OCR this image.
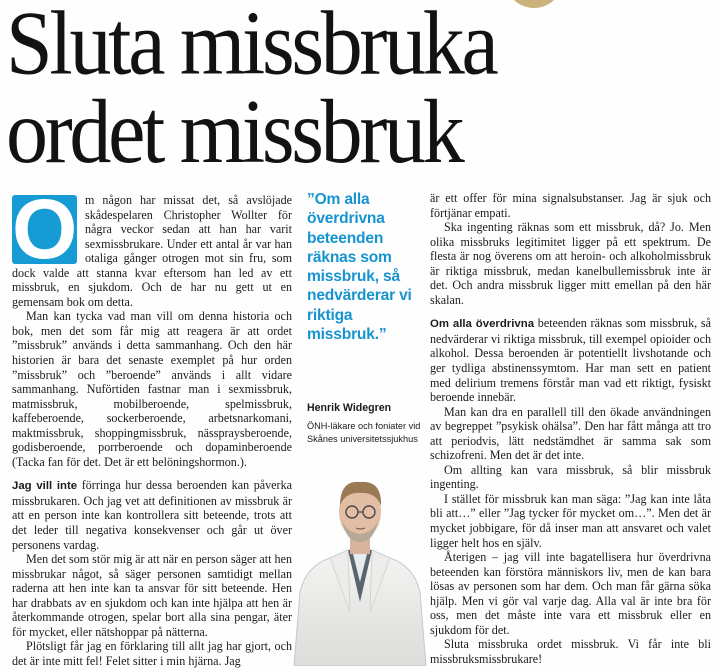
Sluta missbruka
ordet missbruk

O m någon har missat det, så avslöjade skådespelaren Christopher Wollter för några veckor sedan att han har varit sexmissbrukare. Under ett antal år var han otaliga gånger otrogen mot sin fru, som dock valde att stanna kvar eftersom han led av ett missbruk, en sjukdom. Och de har nu gett ut en gemensam bok om detta.

Man kan tycka vad man vill om denna historia och bok, men det som får mig att reagera är att ordet ”missbruk” används i detta sammanhang. Och den här historien är bara det senaste exemplet på hur orden ”missbruk” och ”beroende” används i allt vidare sammanhang. Nuförtiden fastnar man i sexmissbruk, matmissbruk, mobilberoende, spelmissbruk, kaffeberoende, sockerberoende, arbetsnarkomani, maktmissbruk, shoppingmissbruk, nässpraysberoende, godisberoende, porrberoende och dopaminberoende (Tacka fan för det. Det är ett belöningshormon.).

Jag vill inte förringa hur dessa beroenden kan påverka missbrukaren. Och jag vet att definitionen av missbruk är att en person inte kan kontrollera sitt beteende, trots att det leder till negativa konsekvenser och går ut över personens vardag.

Men det som stör mig är att när en person säger att hen missbrukar något, så säger personen samtidigt mellan raderna att hen inte kan ta ansvar för sitt beteende. Hen har drabbats av en sjukdom och kan inte hjälpa att hen är återkommande otrogen, spelar bort alla sina pengar, äter för mycket, eller nätshoppar på nätterna.

Plötsligt får jag en förklaring till allt jag har gjort, och det är inte mitt fel! Felet sitter i min hjärna. Jag

”Om alla överdrivna beteenden räknas som missbruk, så nedvärderar vi riktiga missbruk.”

Henrik Widegren
ÖNH-läkare och foniater vid Skånes universitetssjukhus

är ett offer för mina signalsubstanser. Jag är sjuk och förtjänar empati.

Ska ingenting räknas som ett missbruk, då? Jo. Men olika missbruks legitimitet ligger på ett spektrum. De flesta är nog överens om att heroin- och alkoholmissbruk är riktiga missbruk, medan kanelbullemissbruk inte är det. Och andra missbruk ligger mitt emellan på den här skalan.

Om alla överdrivna beteenden räknas som missbruk, så nedvärderar vi riktiga missbruk, till exempel opioider och alkohol. Dessa beroenden är potentiellt livshotande och ger tydliga abstinenssymtom. Har man sett en patient med delirium tremens förstår man vad ett riktigt, fysiskt beroende innebär.

Man kan dra en parallell till den ökade användningen av begreppet ”psykisk ohälsa”. Den har fått många att tro att periodvis, lätt nedstämdhet är samma sak som schizofreni. Men det är det inte.

Om allting kan vara missbruk, så blir missbruk ingenting.

I stället för missbruk kan man säga: ”Jag kan inte låta bli att…” eller ”Jag tycker för mycket om…”. Men det är mycket jobbigare, för då inser man att ansvaret och valet ligger helt hos en själv.

Återigen – jag vill inte bagatellisera hur överdrivna beteenden kan förstöra människors liv, men de kan bara lösas av personen som har dem. Och man får gärna söka hjälp. Men vi gör val varje dag. Alla val är inte bra för oss, men det måste inte vara ett missbruk eller en sjukdom för det.

Sluta missbruka ordet missbruk. Vi får inte bli missbruksmissbrukare!
